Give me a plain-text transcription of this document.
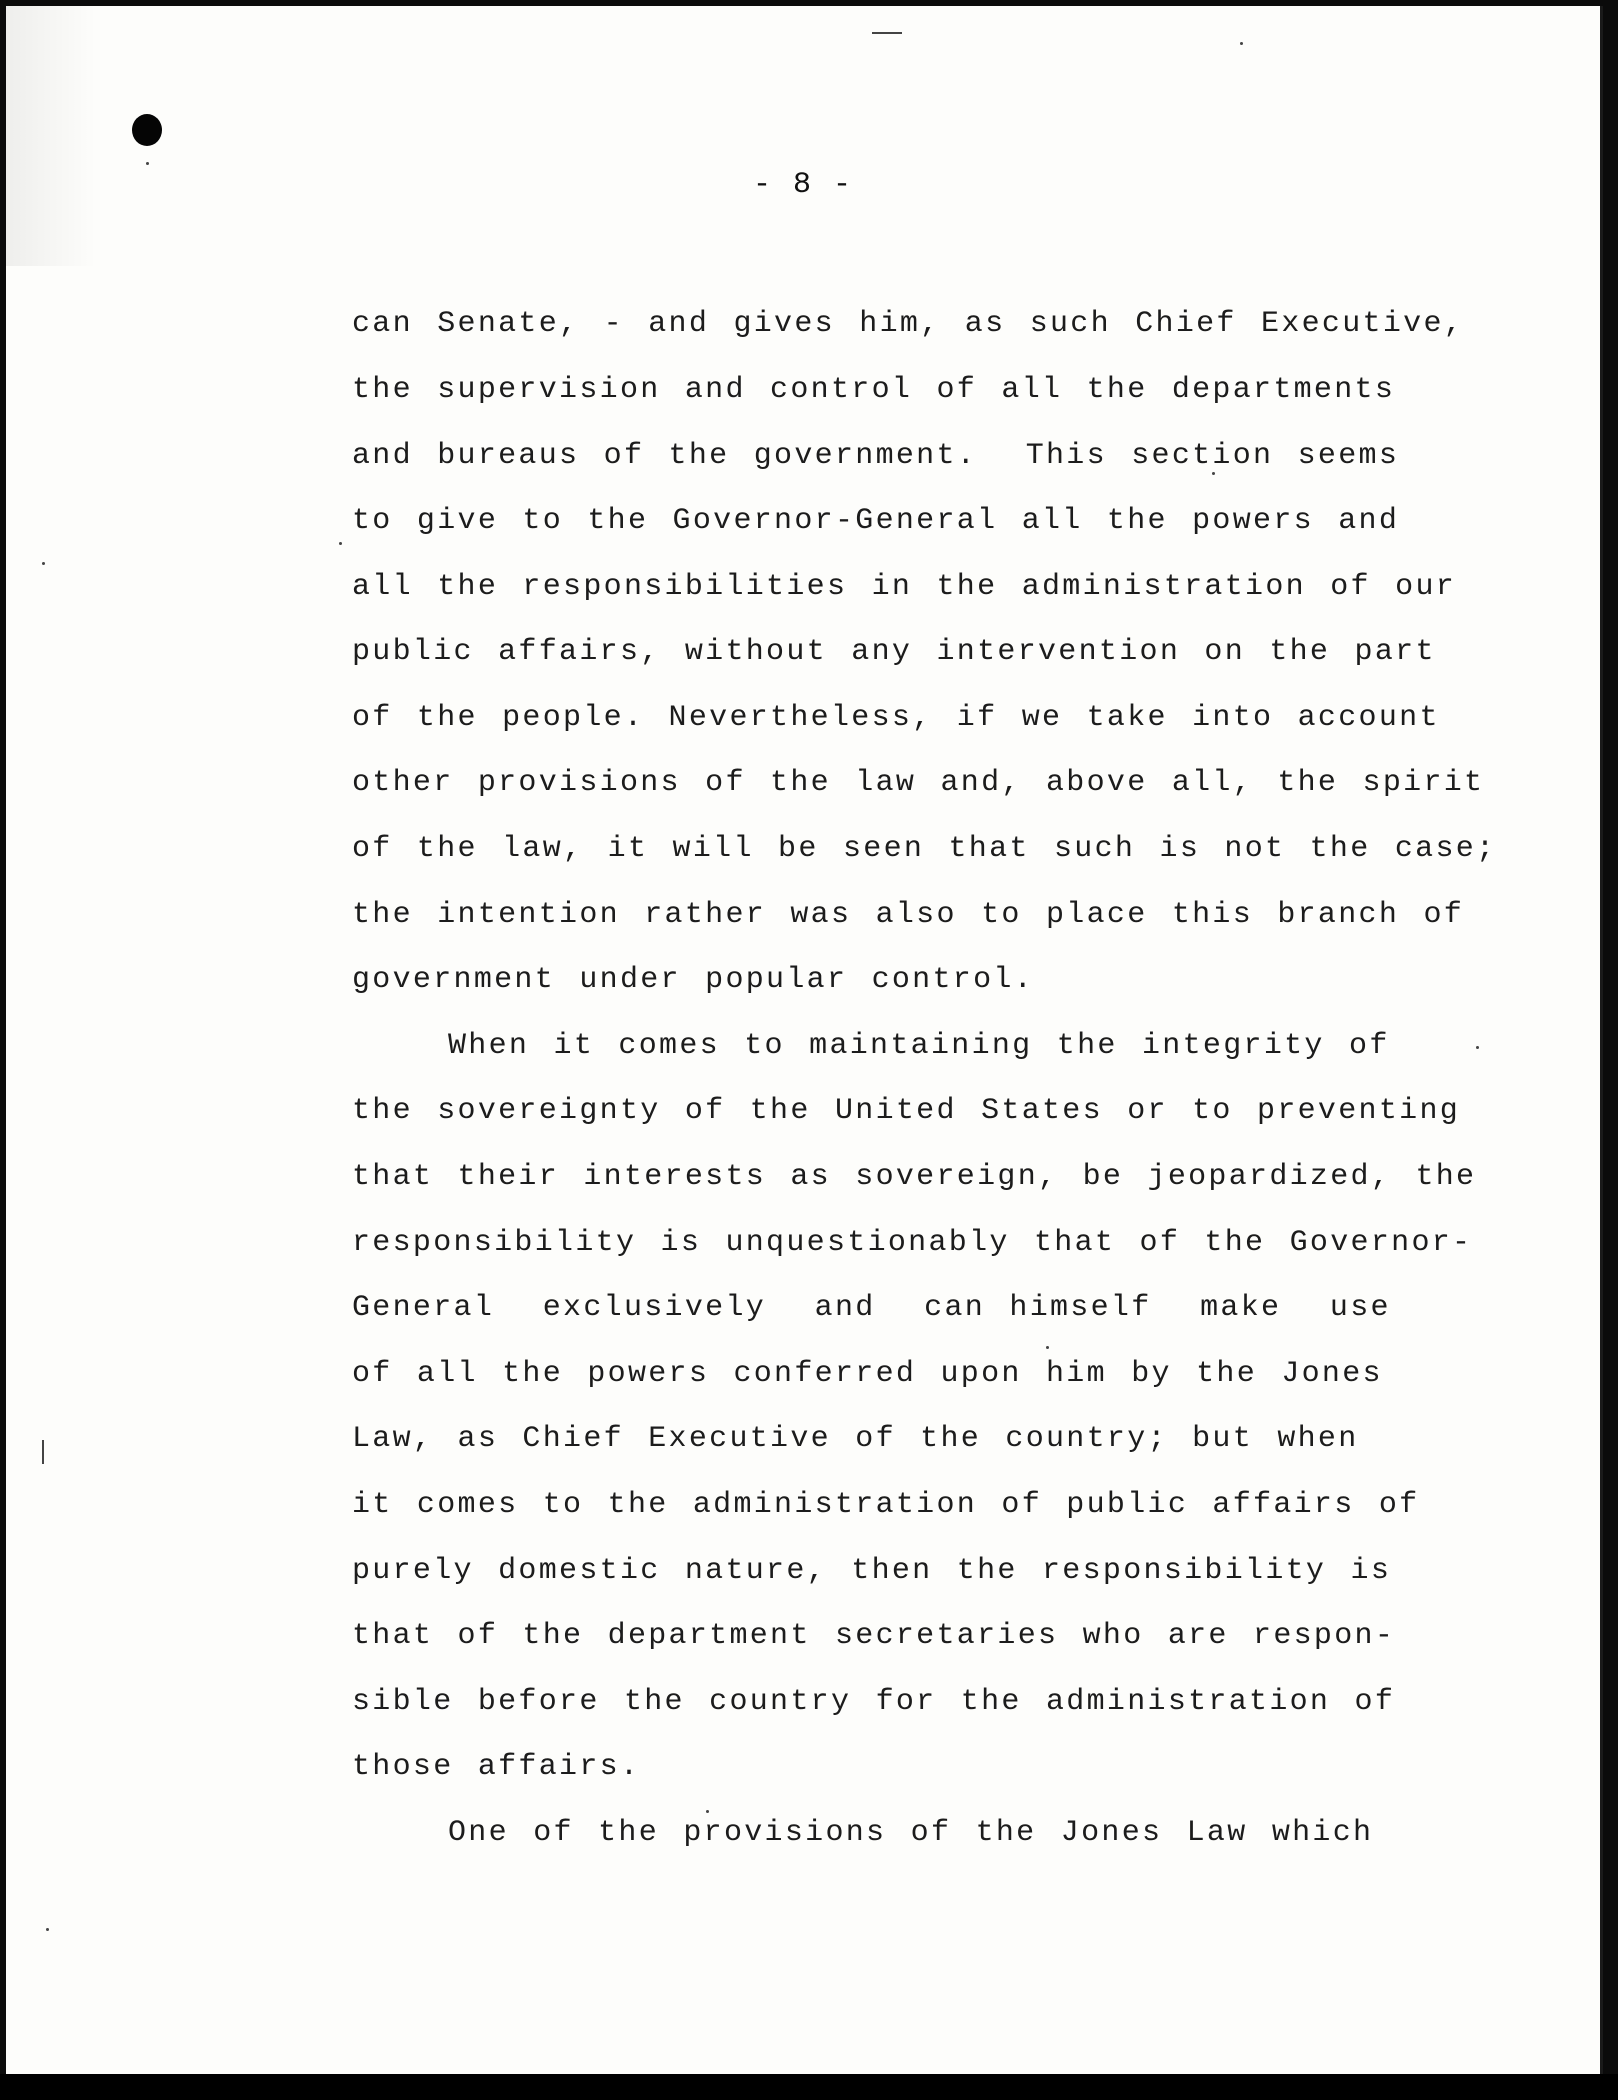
- 8 -
can Senate, - and gives him, as such Chief Executive,
the supervision and control of all the departments
and bureaus of the government.  This section seems
to give to the Governor-General all the powers and
all the responsibilities in the administration of our
public affairs, without any intervention on the part
of the people. Nevertheless, if we take into account
other provisions of the law and, above all, the spirit
of the law, it will be seen that such is not the case;
the intention rather was also to place this branch of
government under popular control.
When it comes to maintaining the integrity of
the sovereignty of the United States or to preventing
that their interests as sovereign, be jeopardized, the
responsibility is unquestionably that of the Governor-
General  exclusively  and  can himself  make  use
of all the powers conferred upon him by the Jones
Law, as Chief Executive of the country; but when
it comes to the administration of public affairs of
purely domestic nature, then the responsibility is
that of the department secretaries who are respon-
sible before the country for the administration of
those affairs.
One of the provisions of the Jones Law which
